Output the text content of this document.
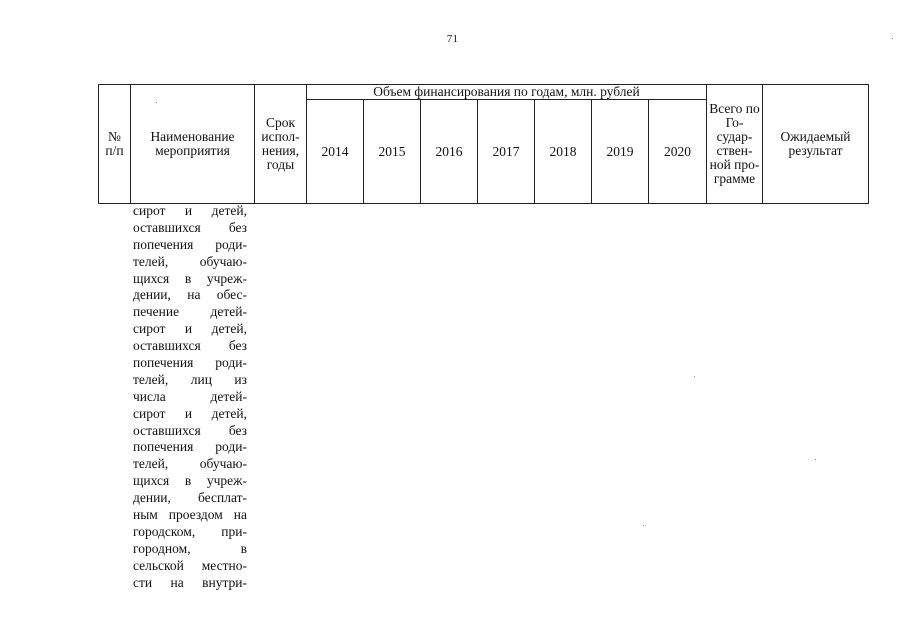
71
№ п/п	Наименование мероприятия	Срок испол-нения, годы	Объем финансирования по годам, млн. рублей							Всего по Го-судар-ствен-ной про-грамме	Ожидаемый результат
			2014	2015	2016	2017	2018	2019	2020		
сирот и детей,
оставшихся без
попечения роди-
телей, обучаю-
щихся в учреж-
дении, на обес-
печение детей-
сирот и детей,
оставшихся без
попечения роди-
телей, лиц из
числа детей-
сирот и детей,
оставшихся без
попечения роди-
телей, обучаю-
щихся в учреж-
дении, бесплат-
ным проездом на
городском, при-
городном, в
сельской местно-
сти на внутри-
